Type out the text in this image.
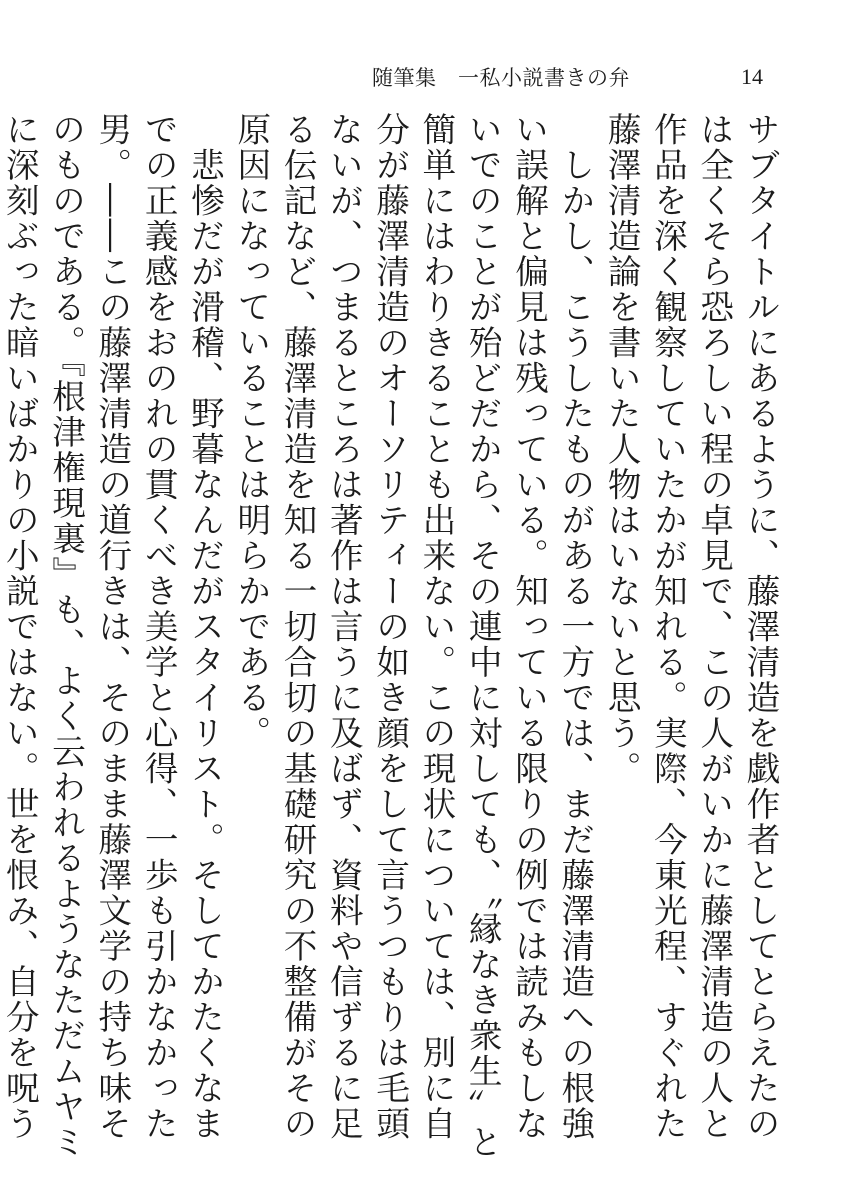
随筆集　一私小説書きの弁	14

サブタイトルにあるように、藤澤清造を戯作者としてとらえたのは全くそら恐ろしい程の卓見で、この人がいかに藤澤清造の人と作品を深く観察していたかが知れる。実際、今東光程、すぐれた藤澤清造論を書いた人物はいないと思う。

　しかし、こうしたものがある一方では、まだ藤澤清造への根強い誤解と偏見は残っている。知っている限りの例では読みもしないでのことが殆どだから、その連中に対しても、〝縁なき衆生〟と簡単にはわりきることも出来ない。この現状については、別に自分が藤澤清造のオーソリティーの如き顔をして言うつもりは毛頭ないが、つまるところは著作は言うに及ばず、資料や信ずるに足る伝記など、藤澤清造を知る一切合切の基礎研究の不整備がその原因になっていることは明らかである。

　悲惨だが滑稽、野暮なんだがスタイリスト。そしてかたくなまでの正義感をおのれの貫くべき美学と心得、一歩も引かなかった男。――この藤澤清造の道行きは、そのまま藤澤文学の持ち味そのものである。『根津権現裏』も、よく云われるようなただムヤミに深刻ぶった暗いばかりの小説ではない。世を恨み、自分を呪う
